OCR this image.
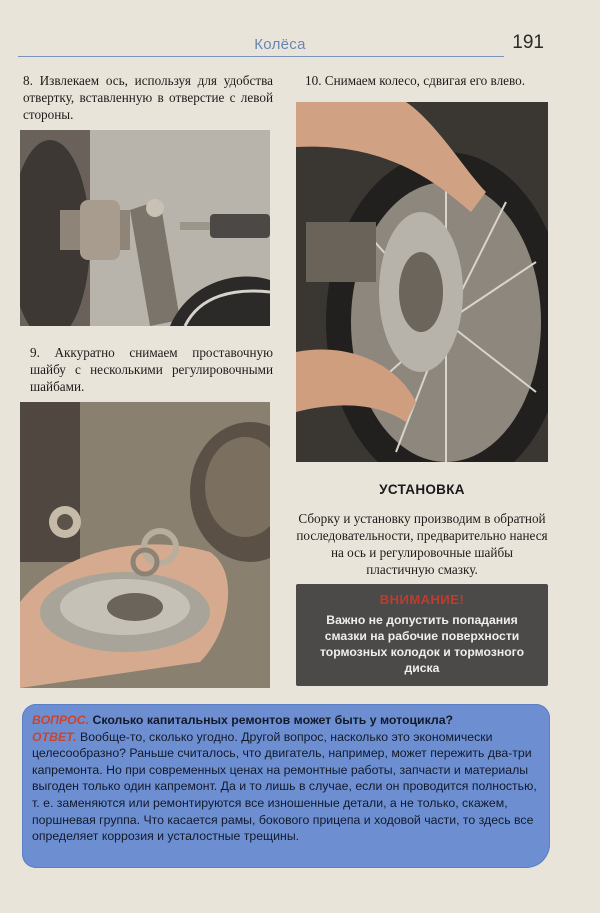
Колёса	191

8. Извлекаем ось, используя для удобства отвертку, вставленную в отверстие с левой стороны.

9. Аккуратно снимаем проставочную шайбу с несколькими регулировочными шайбами.

10. Снимаем колесо, сдвигая его влево.

УСТАНОВКА

Сборку и установку производим в обратной последовательности, предварительно нанеся на ось и регулировочные шайбы пластичную смазку.

ВНИМАНИЕ!
Важно не допустить попадания смазки на рабочие поверхности тормозных колодок и тормозного диска
ВОПРОС. Сколько капитальных ремонтов может быть у мотоцикла?
ОТВЕТ. Вообще-то, сколько угодно. Другой вопрос, насколько это экономически целесообразно? Раньше считалось, что двигатель, например, может пережить два-три капремонта. Но при современных ценах на ремонтные работы, запчасти и материалы выгоден только один капремонт. Да и то лишь в случае, если он проводится полностью, т. е. заменяются или ремонтируются все изношенные детали, а не только, скажем, поршневая группа. Что касается рамы, бокового прицепа и ходовой части, то здесь все определяет коррозия и усталостные трещины.
